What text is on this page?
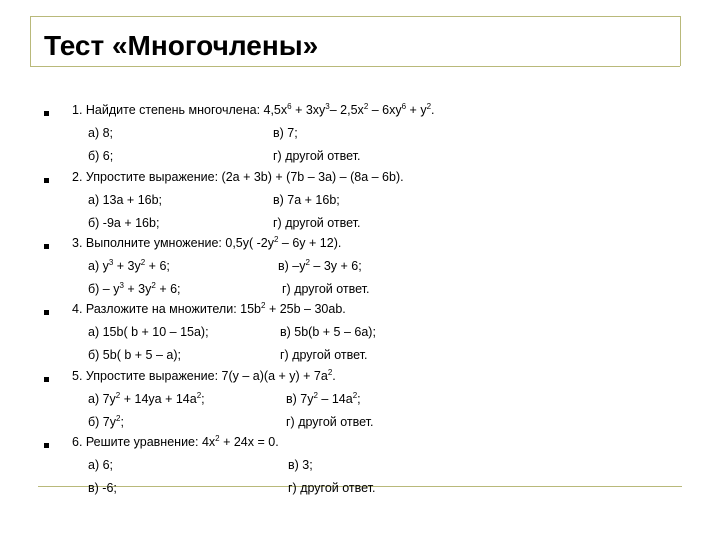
Тест «Многочлены»
1. Найдите степень многочлена: $4,5x^6 + 3xy^3-$ $2,5x^2 - 6xy^6 + y^2$.
а) 8;	в) 7;
б) 6;	г) другой ответ.
2. Упростите выражение: (2a + 3b) + (7b – 3a) – (8a – 6b).
а) 13a + 16b;	в) 7a + 16b;
б) -9a + 16b;	г) другой ответ.
3. Выполните умножение: 0,5y( $-2y^2 - 6y + 12$).
а) $y^3 + 3y^2 + 6$;	в) $-y^2 - 3y + 6$;
$б) - y^3 + 3y^2 + 6$;	г) другой ответ.
4. Разложите на множители: $15b^2 + 25b - 30ab$.
а) 15b( b + 10 – 15a);	в) 5b(b + 5 – 6a);
б) 5b( b + 5 – a);	г) другой ответ.
5. Упростите выражение: $7(y - a)(a + y) + 7a^2$.
а) $7y^2 + 14ya + 14a^2$;	в) $7y^2 - 14a^2$;
б) $7y^2$;	г) другой ответ.
6. Решите уравнение: $4x^2 + 24x = 0$.
а) 6;	в) 3;
в) -6;	г) другой ответ.
